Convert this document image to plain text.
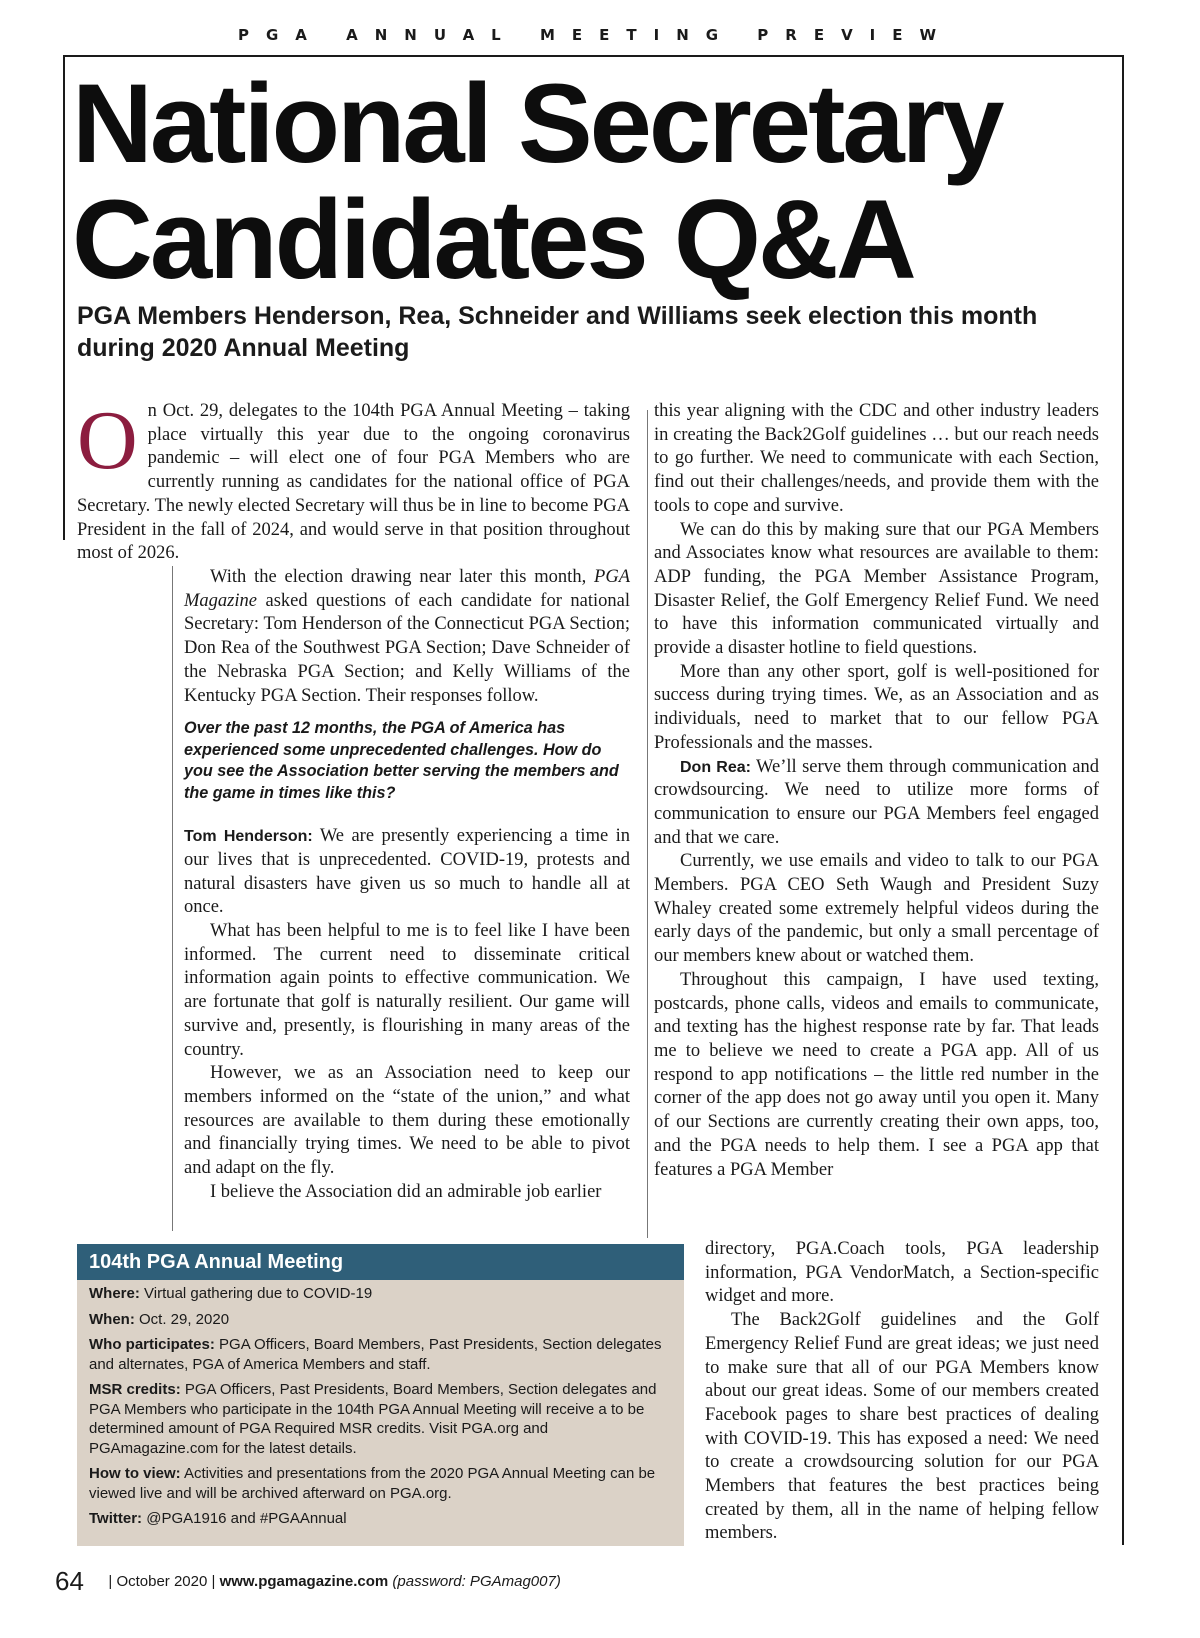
PGA ANNUAL MEETING PREVIEW
National Secretary Candidates Q&A
PGA Members Henderson, Rea, Schneider and Williams seek election this month during 2020 Annual Meeting

On Oct. 29, delegates to the 104th PGA Annual Meeting – taking place virtually this year due to the ongoing coronavirus pandemic – will elect one of four PGA Members who are currently running as candidates for the national office of PGA Secretary. The newly elected Secretary will thus be in line to become PGA President in the fall of 2024, and would serve in that position throughout most of 2026.

With the election drawing near later this month, PGA Magazine asked questions of each candidate for national Secretary: Tom Henderson of the Connecticut PGA Section; Don Rea of the Southwest PGA Section; Dave Schneider of the Nebraska PGA Section; and Kelly Williams of the Kentucky PGA Section. Their responses follow.

Over the past 12 months, the PGA of America has experienced some unprecedented challenges. How do you see the Association better serving the members and the game in times like this?

Tom Henderson: We are presently experiencing a time in our lives that is unprecedented. COVID-19, protests and natural disasters have given us so much to handle all at once.

What has been helpful to me is to feel like I have been informed. The current need to disseminate critical information again points to effective communication. We are fortunate that golf is naturally resilient. Our game will survive and, presently, is flourishing in many areas of the country.

However, we as an Association need to keep our members informed on the “state of the union,” and what resources are available to them during these emotionally and financially trying times. We need to be able to pivot and adapt on the fly.

I believe the Association did an admirable job earlier

this year aligning with the CDC and other industry leaders in creating the Back2Golf guidelines … but our reach needs to go further. We need to communicate with each Section, find out their challenges/needs, and provide them with the tools to cope and survive.

We can do this by making sure that our PGA Members and Associates know what resources are available to them: ADP funding, the PGA Member Assistance Program, Disaster Relief, the Golf Emergency Relief Fund. We need to have this information communicated virtually and provide a disaster hotline to field questions.

More than any other sport, golf is well-positioned for success during trying times. We, as an Association and as individuals, need to market that to our fellow PGA Professionals and the masses.

Don Rea: We’ll serve them through communication and crowdsourcing. We need to utilize more forms of communication to ensure our PGA Members feel engaged and that we care.

Currently, we use emails and video to talk to our PGA Members. PGA CEO Seth Waugh and President Suzy Whaley created some extremely helpful videos during the early days of the pandemic, but only a small percentage of our members knew about or watched them.

Throughout this campaign, I have used texting, postcards, phone calls, videos and emails to communicate, and texting has the highest response rate by far. That leads me to believe we need to create a PGA app. All of us respond to app notifications – the little red number in the corner of the app does not go away until you open it. Many of our Sections are currently creating their own apps, too, and the PGA needs to help them. I see a PGA app that features a PGA Member

directory, PGA.Coach tools, PGA leadership information, PGA VendorMatch, a Section-specific widget and more.

The Back2Golf guidelines and the Golf Emergency Relief Fund are great ideas; we just need to make sure that all of our PGA Members know about our great ideas. Some of our members created Facebook pages to share best practices of dealing with COVID-19. This has exposed a need: We need to create a crowdsourcing solution for our PGA Members that features the best practices being created by them, all in the name of helping fellow members.

104th PGA Annual Meeting
Where: Virtual gathering due to COVID-19
When: Oct. 29, 2020
Who participates: PGA Officers, Board Members, Past Presidents, Section delegates and alternates, PGA of America Members and staff.
MSR credits: PGA Officers, Past Presidents, Board Members, Section delegates and PGA Members who participate in the 104th PGA Annual Meeting will receive a to be determined amount of PGA Required MSR credits. Visit PGA.org and PGAmagazine.com for the latest details.
How to view: Activities and presentations from the 2020 PGA Annual Meeting can be viewed live and will be archived afterward on PGA.org.
Twitter: @PGA1916 and #PGAAnnual
64 | October 2020 | www.pgamagazine.com (password: PGAmag007)
